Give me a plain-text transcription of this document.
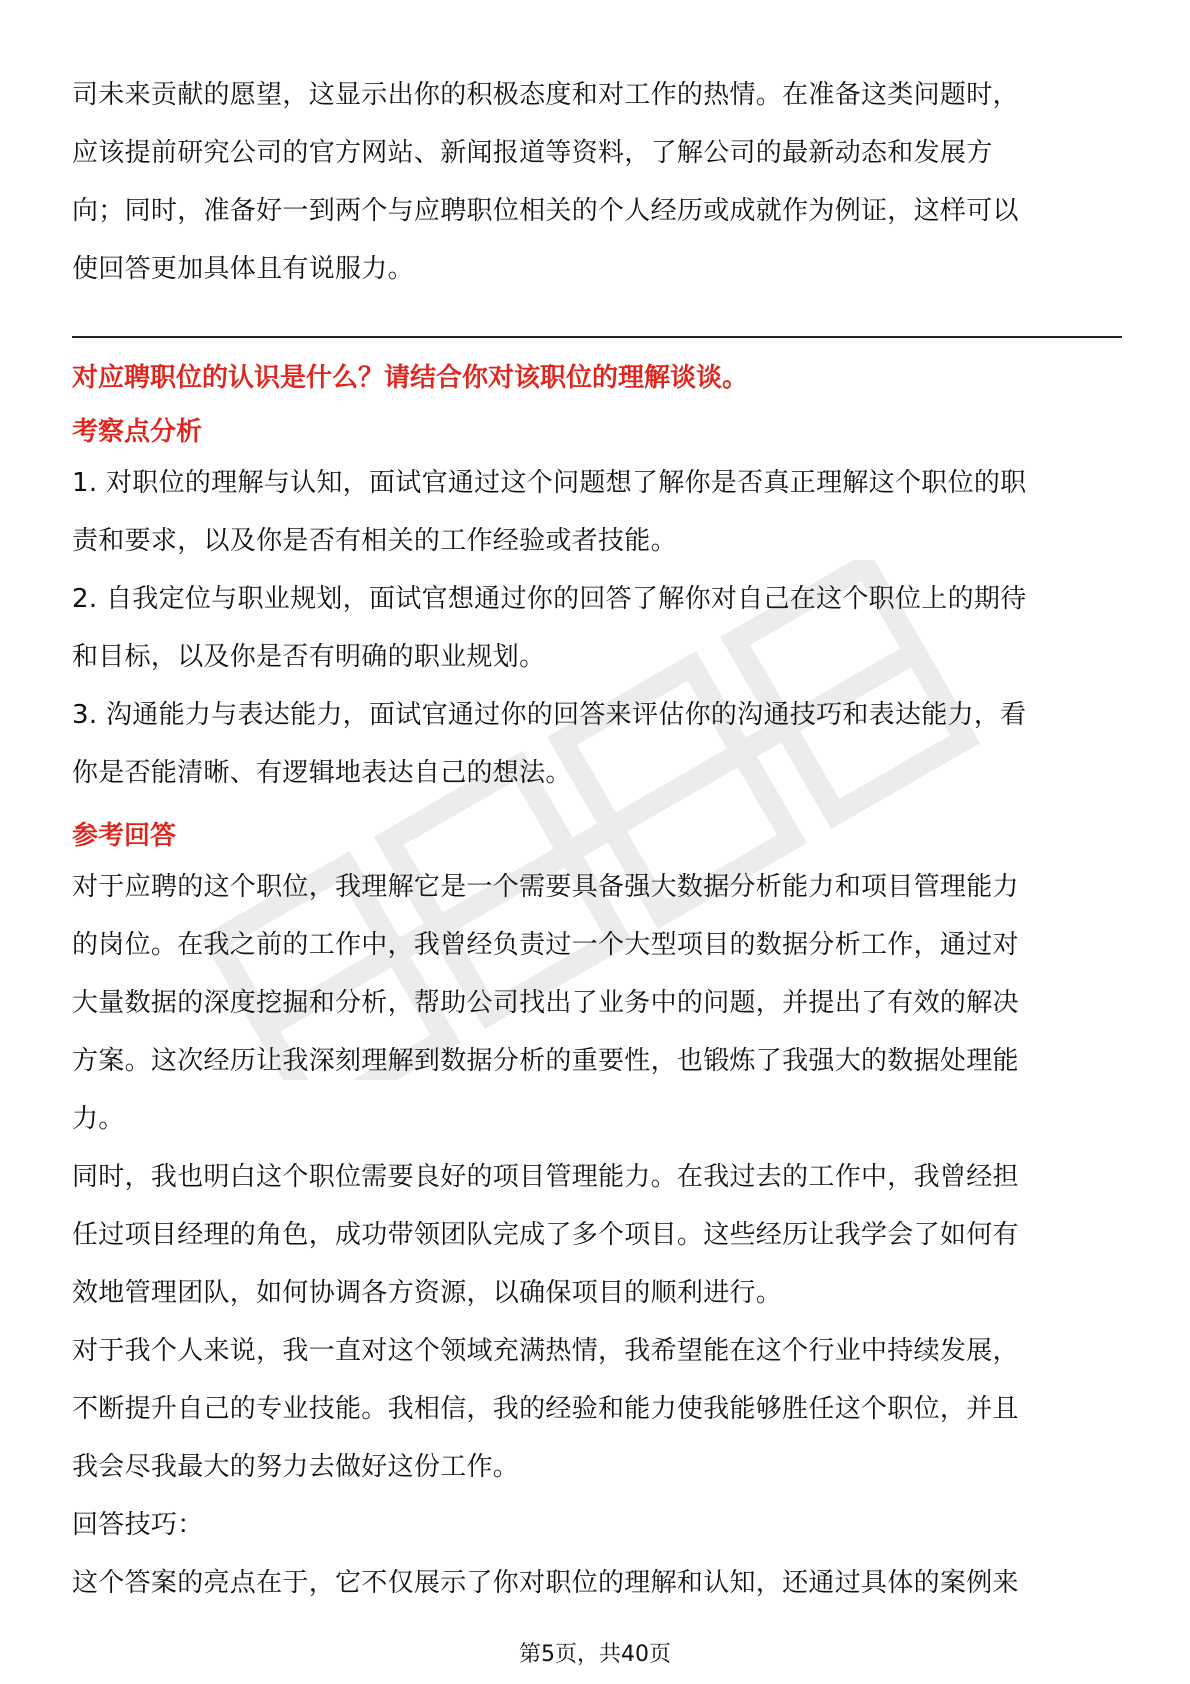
司未来贡献的愿望，这显示出你的积极态度和对工作的热情。在准备这类问题时，

应该提前研究公司的官方网站、新闻报道等资料，了解公司的最新动态和发展方

向；同时，准备好一到两个与应聘职位相关的个人经历或成就作为例证，这样可以

使回答更加具体且有说服力。

对应聘职位的认识是什么？请结合你对该职位的理解谈谈。

考察点分析

1. 对职位的理解与认知，面试官通过这个问题想了解你是否真正理解这个职位的职

责和要求，以及你是否有相关的工作经验或者技能。

2. 自我定位与职业规划，面试官想通过你的回答了解你对自己在这个职位上的期待

和目标，以及你是否有明确的职业规划。

3. 沟通能力与表达能力，面试官通过你的回答来评估你的沟通技巧和表达能力，看

你是否能清晰、有逻辑地表达自己的想法。

参考回答

对于应聘的这个职位，我理解它是一个需要具备强大数据分析能力和项目管理能力

的岗位。在我之前的工作中，我曾经负责过一个大型项目的数据分析工作，通过对

大量数据的深度挖掘和分析，帮助公司找出了业务中的问题，并提出了有效的解决

方案。这次经历让我深刻理解到数据分析的重要性，也锻炼了我强大的数据处理能

力。

同时，我也明白这个职位需要良好的项目管理能力。在我过去的工作中，我曾经担

任过项目经理的角色，成功带领团队完成了多个项目。这些经历让我学会了如何有

效地管理团队，如何协调各方资源，以确保项目的顺利进行。

对于我个人来说，我一直对这个领域充满热情，我希望能在这个行业中持续发展，

不断提升自己的专业技能。我相信，我的经验和能力使我能够胜任这个职位，并且

我会尽我最大的努力去做好这份工作。

回答技巧：

这个答案的亮点在于，它不仅展示了你对职位的理解和认知，还通过具体的案例来

第5页，共40页
